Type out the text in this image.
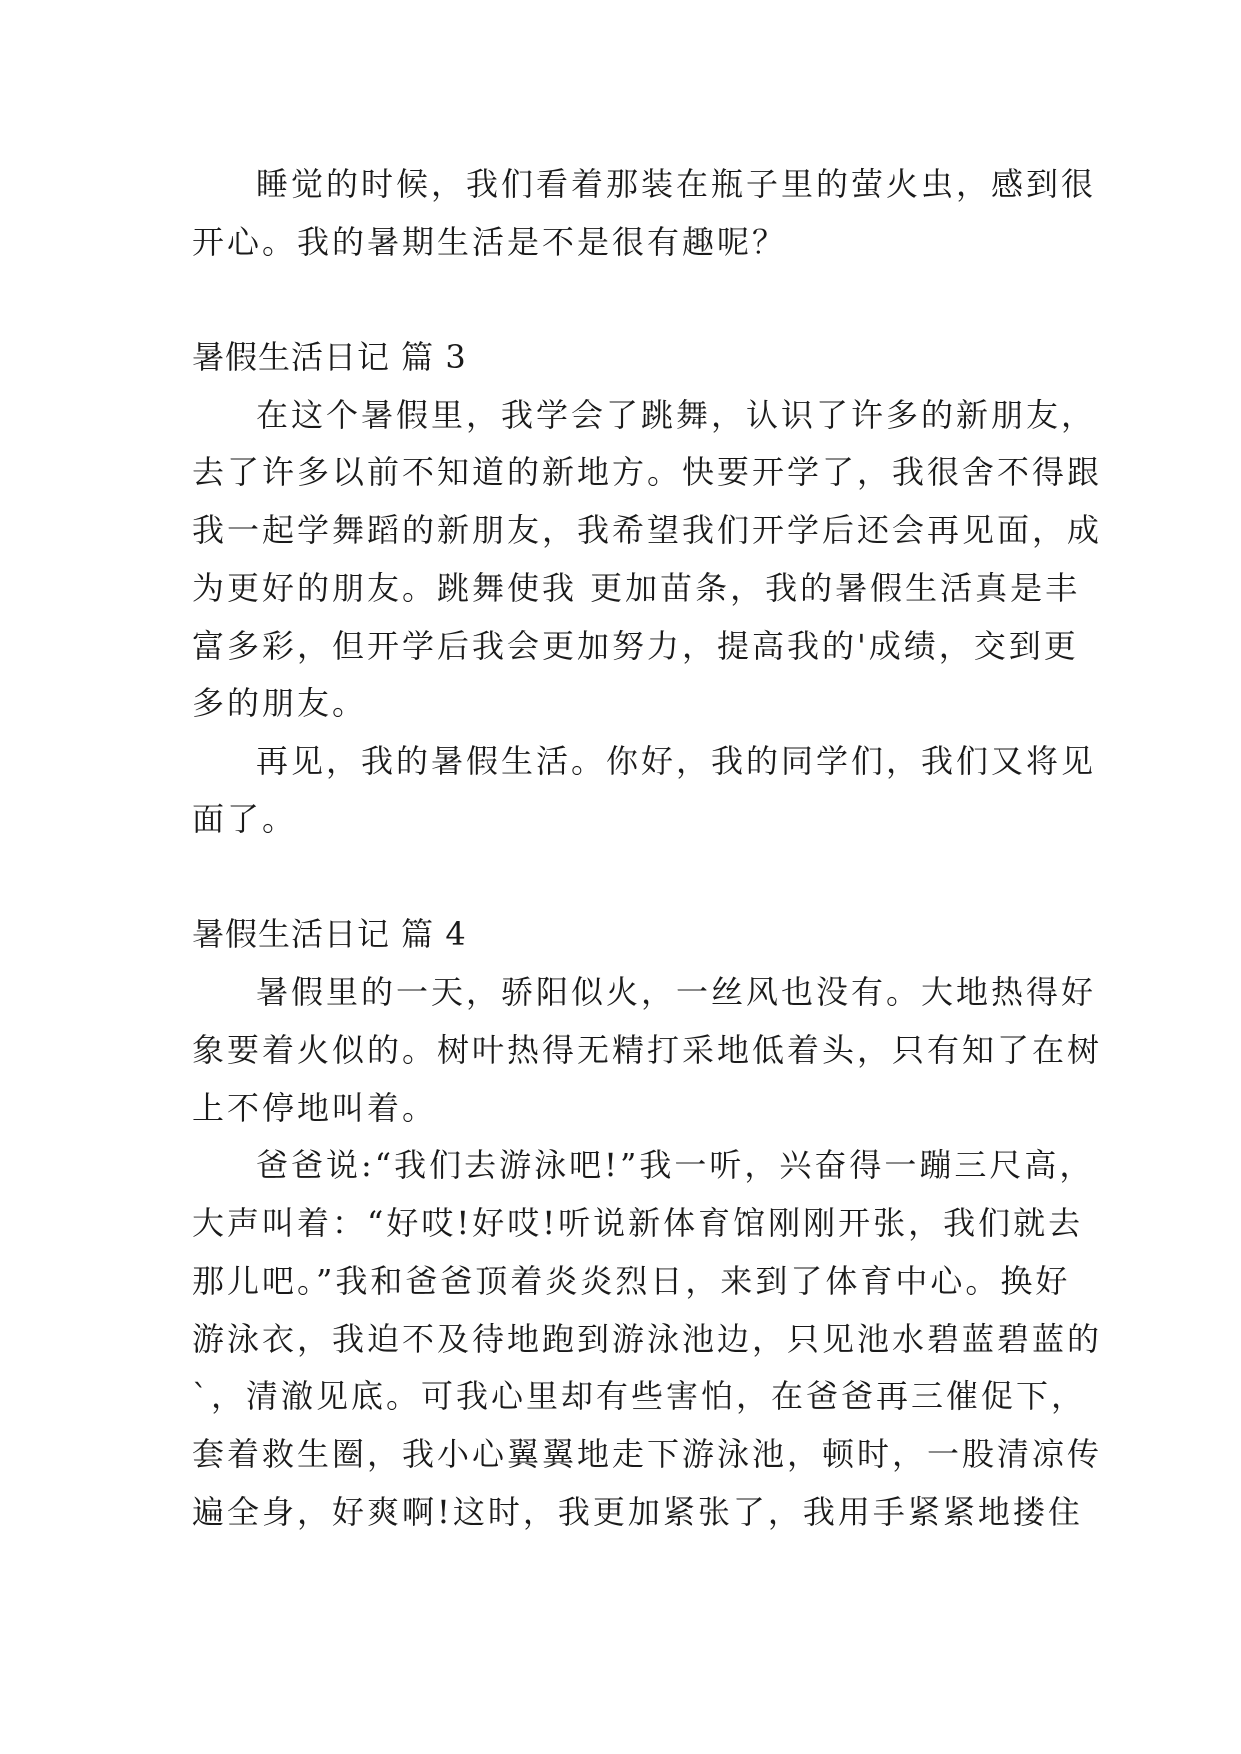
睡觉的时候，我们看着那装在瓶子里的萤火虫，感到很
开心。我的暑期生活是不是很有趣呢？
暑假生活日记 篇 3
在这个暑假里，我学会了跳舞，认识了许多的新朋友，
去了许多以前不知道的新地方。快要开学了，我很舍不得跟
我一起学舞蹈的新朋友，我希望我们开学后还会再见面，成
为更好的朋友。跳舞使我 更加苗条，我的暑假生活真是丰
富多彩，但开学后我会更加努力，提高我的'成绩，交到更
多的朋友。
再见，我的暑假生活。你好，我的同学们，我们又将见
面了。
暑假生活日记 篇 4
暑假里的一天，骄阳似火，一丝风也没有。大地热得好
象要着火似的。树叶热得无精打采地低着头，只有知了在树
上不停地叫着。
爸爸说:“我们去游泳吧!”我一听，兴奋得一蹦三尺高，
大声叫着：“好哎!好哎!听说新体育馆刚刚开张，我们就去
那儿吧。”我和爸爸顶着炎炎烈日，来到了体育中心。换好
游泳衣，我迫不及待地跑到游泳池边，只见池水碧蓝碧蓝的
`，清澈见底。可我心里却有些害怕，在爸爸再三催促下，
套着救生圈，我小心翼翼地走下游泳池，顿时，一股清凉传
遍全身，好爽啊!这时，我更加紧张了，我用手紧紧地搂住
